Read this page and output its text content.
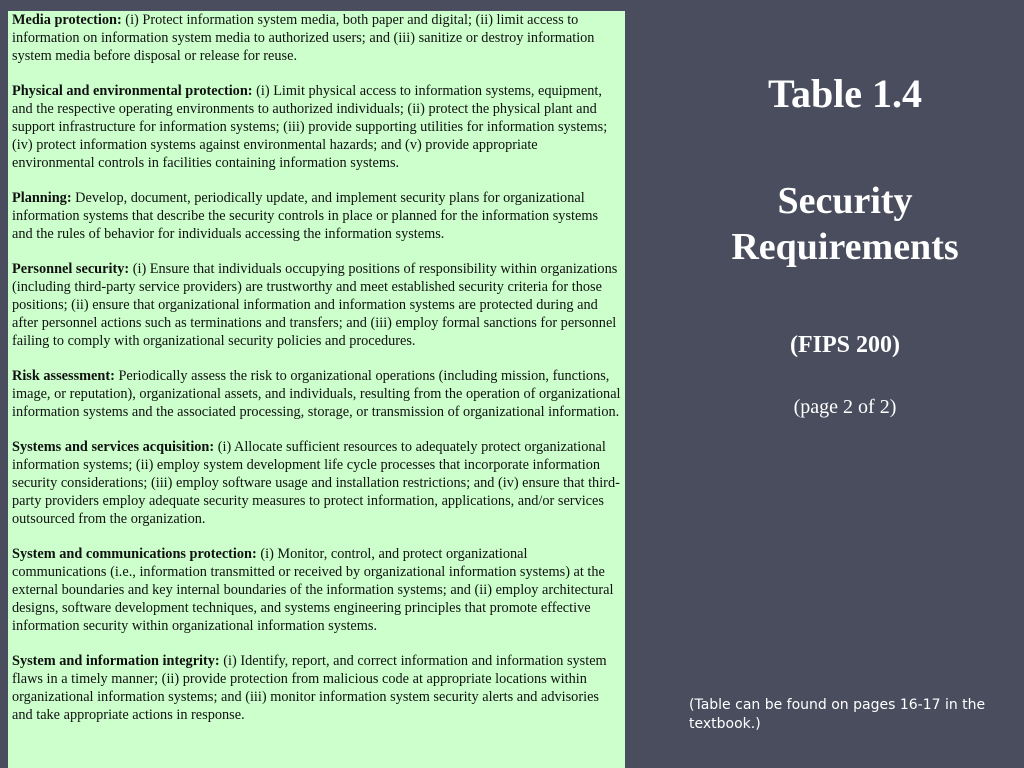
Media protection: (i) Protect information system media, both paper and digital; (ii) limit access to information on information system media to authorized users; and (iii) sanitize or destroy information system media before disposal or release for reuse.

Physical and environmental protection: (i) Limit physical access to information systems, equipment, and the respective operating environments to authorized individuals; (ii) protect the physical plant and support infrastructure for information systems; (iii) provide supporting utilities for information systems; (iv) protect information systems against environmental hazards; and (v) provide appropriate environmental controls in facilities containing information systems.

Planning: Develop, document, periodically update, and implement security plans for organizational information systems that describe the security controls in place or planned for the information systems and the rules of behavior for individuals accessing the information systems.

Personnel security: (i) Ensure that individuals occupying positions of responsibility within organizations (including third-party service providers) are trustworthy and meet established security criteria for those positions; (ii) ensure that organizational information and information systems are protected during and after personnel actions such as terminations and transfers; and (iii) employ formal sanctions for personnel failing to comply with organizational security policies and procedures.

Risk assessment: Periodically assess the risk to organizational operations (including mission, functions, image, or reputation), organizational assets, and individuals, resulting from the operation of organizational information systems and the associated processing, storage, or transmission of organizational information.

Systems and services acquisition: (i) Allocate sufficient resources to adequately protect organizational information systems; (ii) employ system development life cycle processes that incorporate information security considerations; (iii) employ software usage and installation restrictions; and (iv) ensure that third-party providers employ adequate security measures to protect information, applications, and/or services outsourced from the organization.

System and communications protection: (i) Monitor, control, and protect organizational communications (i.e., information transmitted or received by organizational information systems) at the external boundaries and key internal boundaries of the information systems; and (ii) employ architectural designs, software development techniques, and systems engineering principles that promote effective information security within organizational information systems.

System and information integrity: (i) Identify, report, and correct information and information system flaws in a timely manner; (ii) provide protection from malicious code at appropriate locations within organizational information systems; and (iii) monitor information system security alerts and advisories and take appropriate actions in response.

Table 1.4
Security Requirements

(FIPS 200)

(page 2 of 2)

(Table can be found on pages 16-17 in the textbook.)
